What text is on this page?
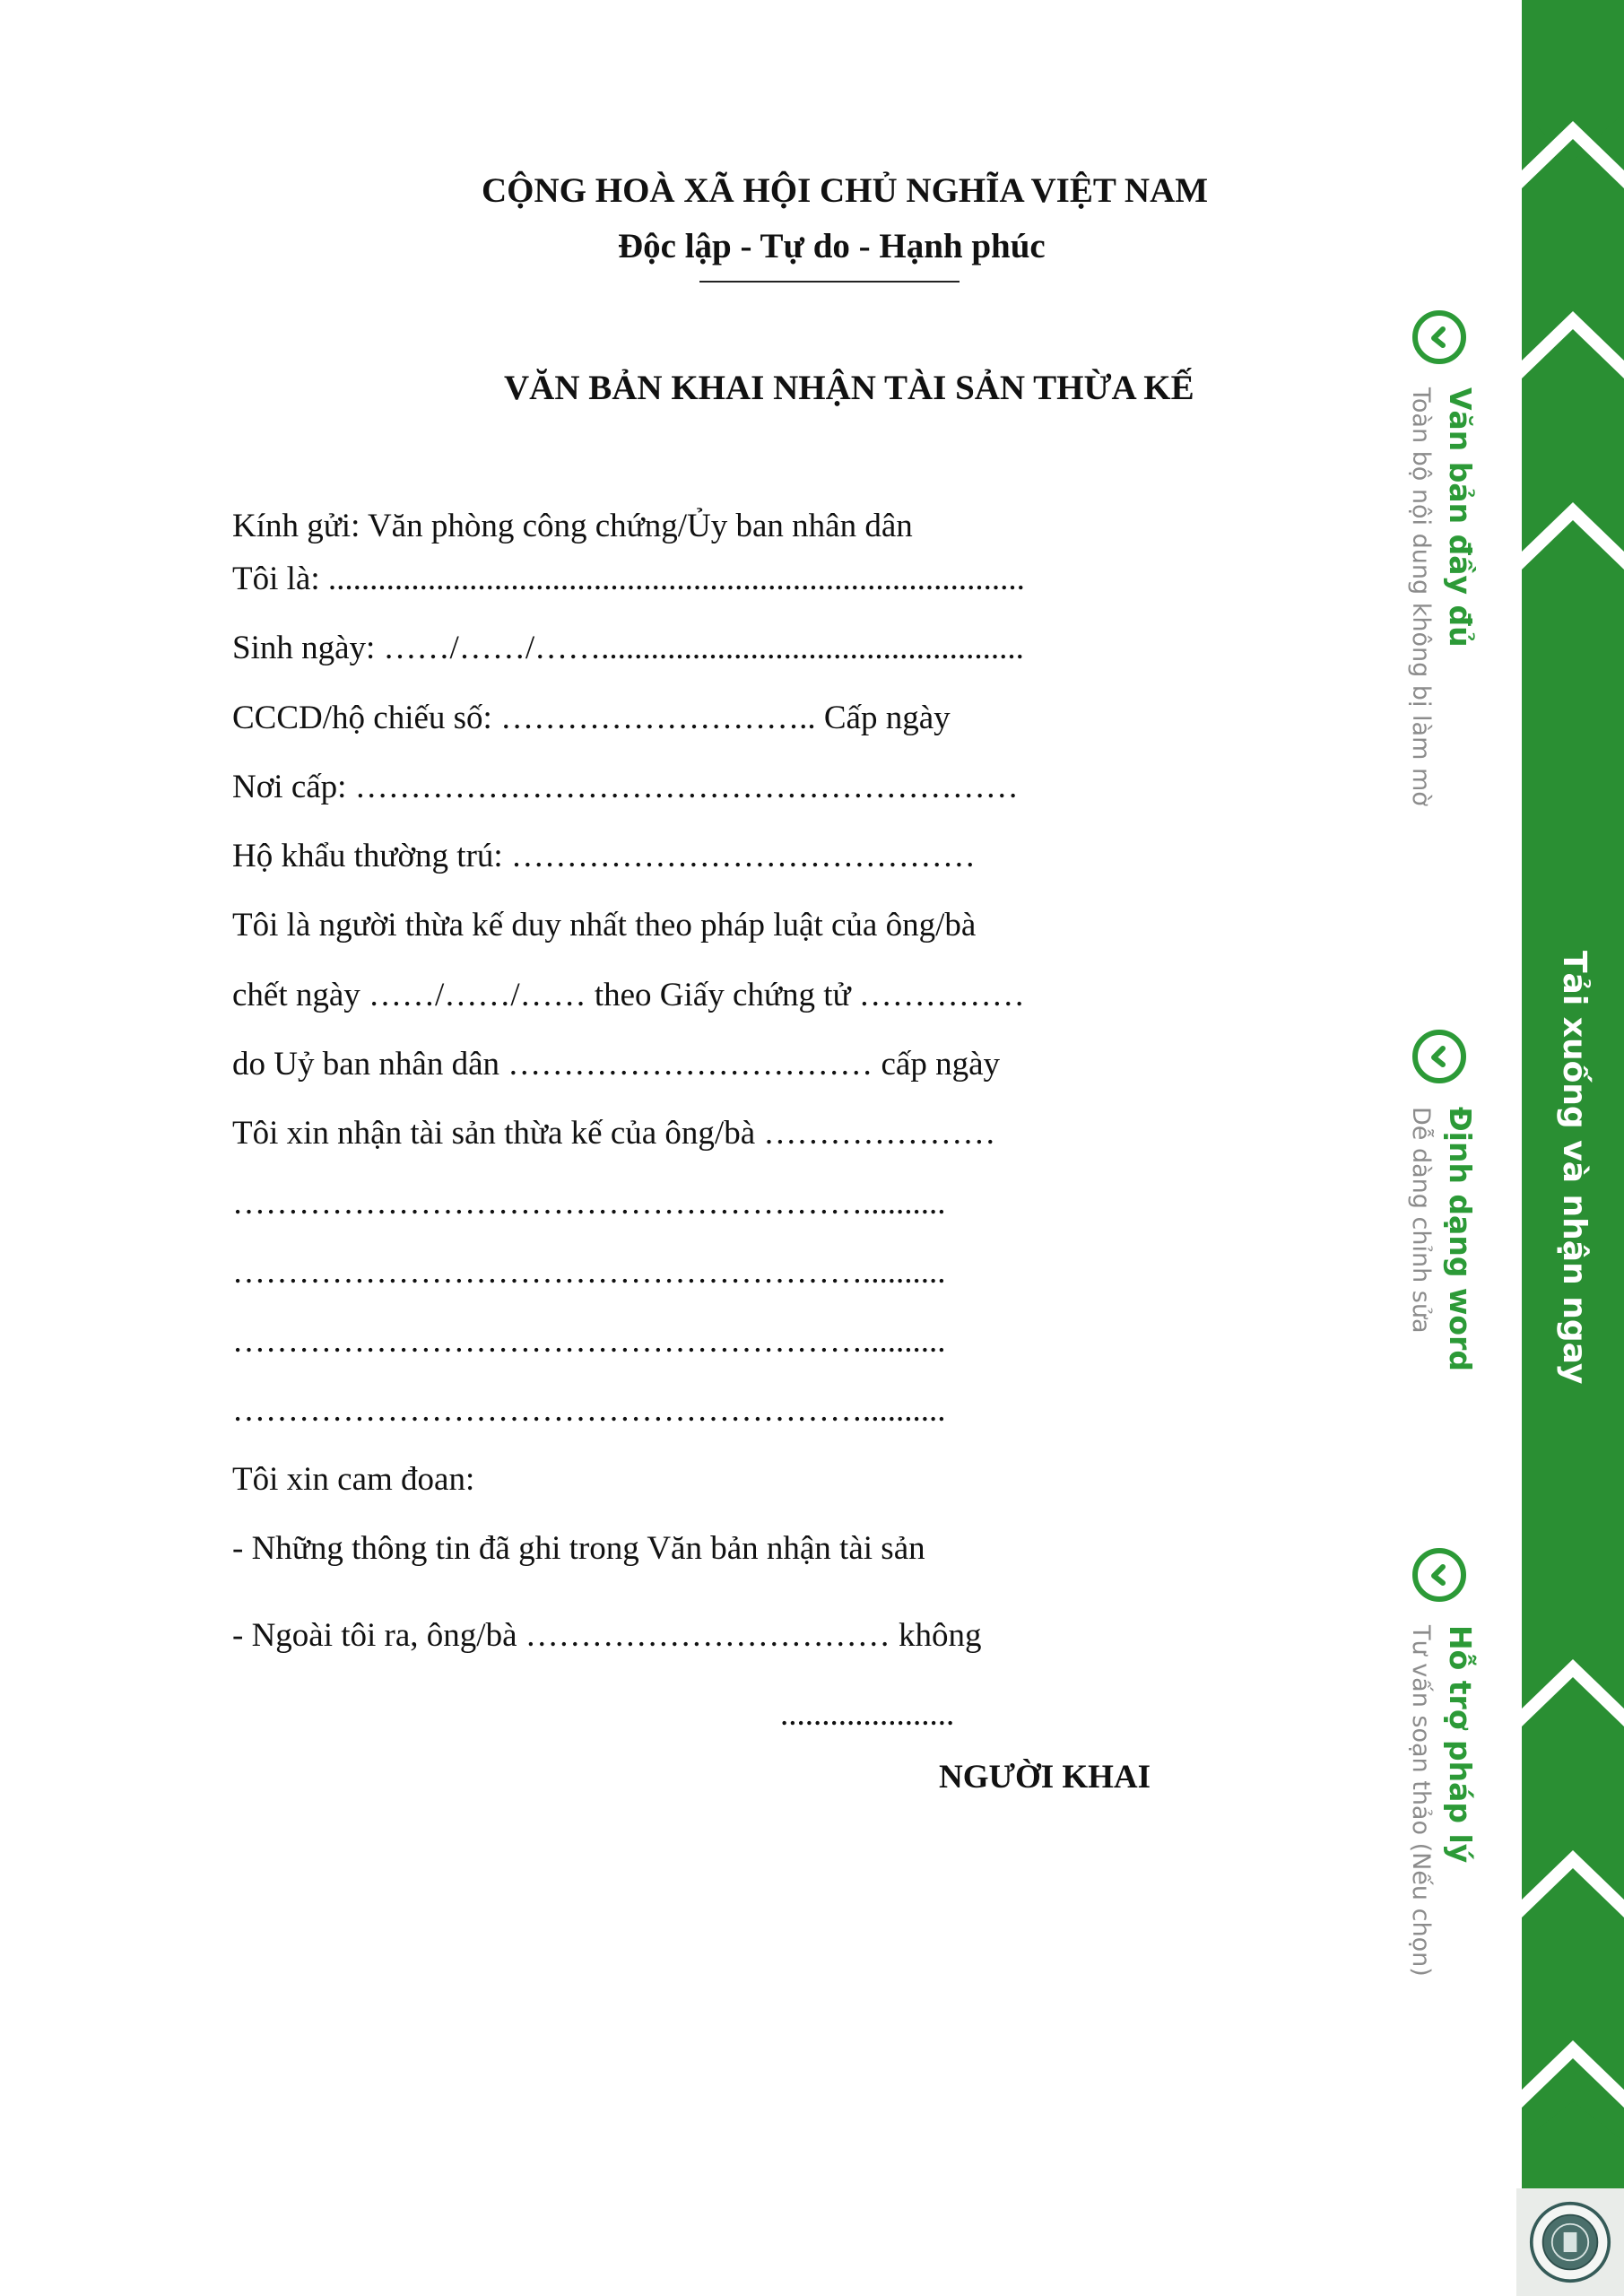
CỘNG HOÀ XÃ HỘI CHỦ NGHĨA VIỆT NAM
Độc lập - Tự do - Hạnh phúc
VĂN BẢN KHAI NHẬN TÀI SẢN THỪA KẾ
Kính gửi: Văn phòng công chứng/Ủy ban nhân dân
Tôi là: ....................................................................................
Sinh ngày: ……/……/……...................................................
CCCD/hộ chiếu số: ……………………….. Cấp ngày
Nơi cấp: ……………………………………………………
Hộ khẩu thường trú: ……………………………………
Tôi là người thừa kế duy nhất theo pháp luật của ông/bà
chết ngày ……/……/…… theo Giấy chứng tử ……………
do Uỷ ban nhân dân …………………………… cấp ngày
Tôi xin nhận tài sản thừa kế của ông/bà …………………
…………………………………………………..........
…………………………………………………..........
…………………………………………………..........
…………………………………………………..........
Tôi xin cam đoan:
- Những thông tin đã ghi trong Văn bản nhận tài sản
- Ngoài tôi ra, ông/bà …………………………… không
.....................
NGƯỜI KHAI
Văn bản đầy đủ
Toàn bộ nội dung không bị làm mờ
Định dạng word
Dễ dàng chỉnh sửa
Hỗ trợ pháp lý
Tư vấn soạn thảo (Nếu chọn)
Tải xuống và nhận ngay
